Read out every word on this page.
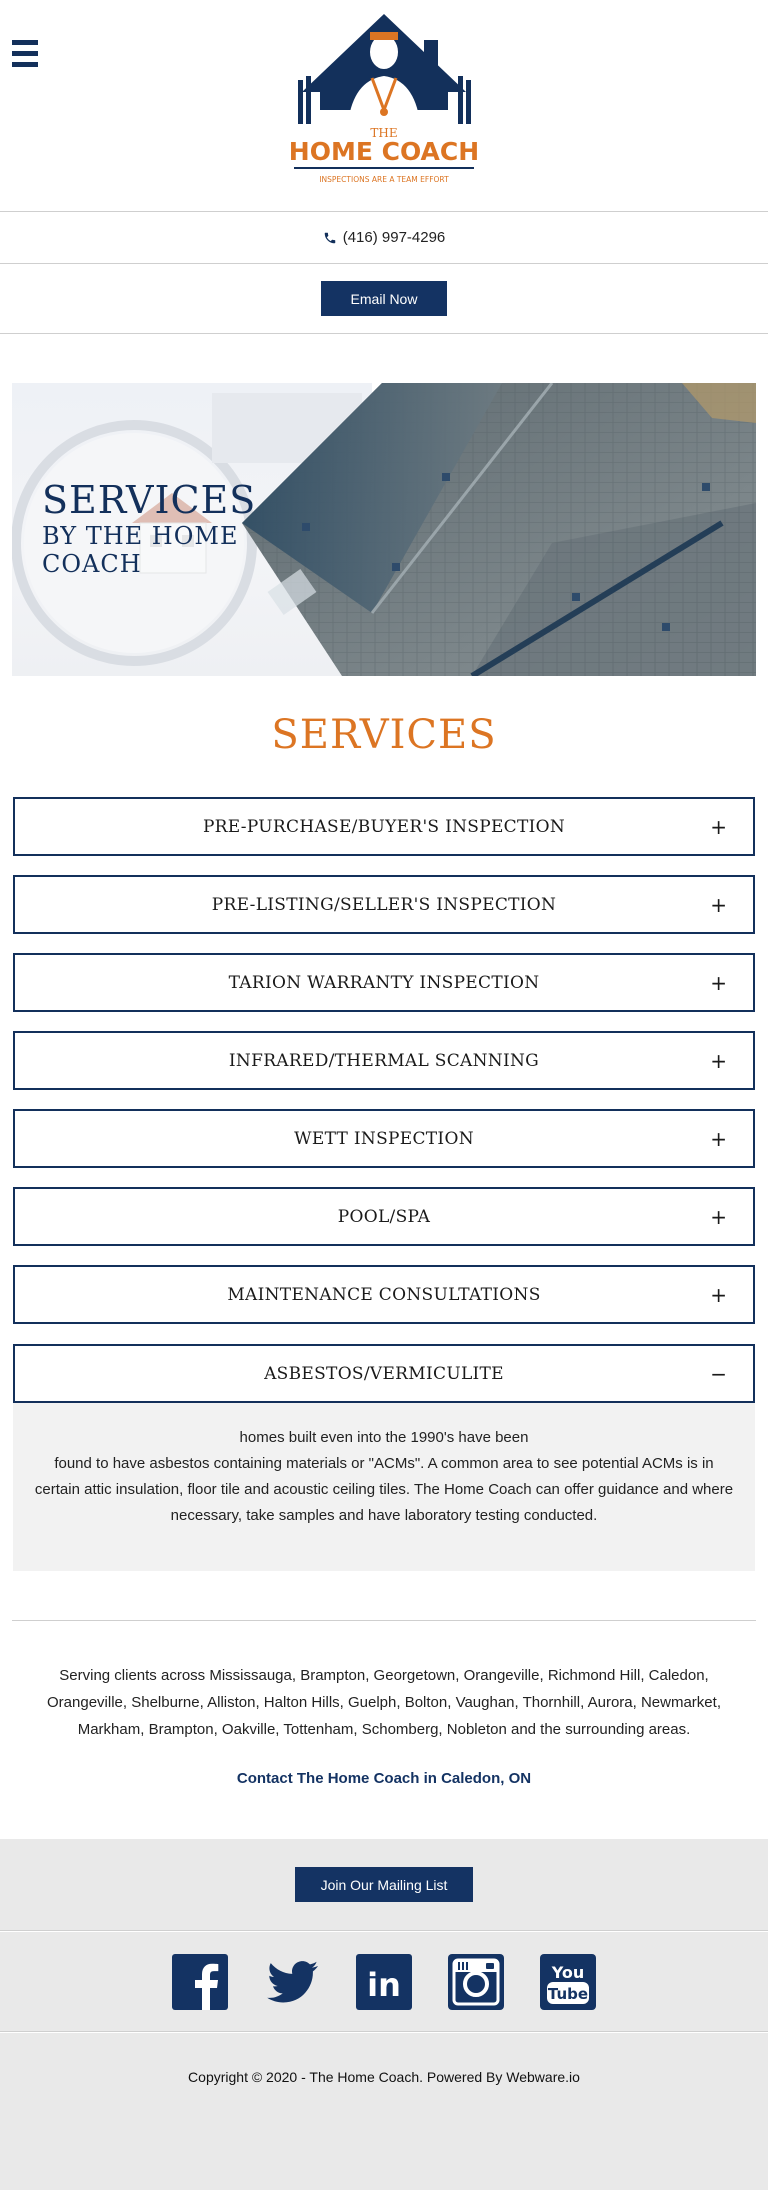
THE
HOME COACH
INSPECTIONS ARE A TEAM EFFORT
(416) 997-4296
Email Now
SERVICES
BY THE HOME
COACH
SERVICES
PRE-PURCHASE/BUYER'S INSPECTION	+
PRE-LISTING/SELLER'S INSPECTION	+
TARION WARRANTY INSPECTION	+
INFRARED/THERMAL SCANNING	+
WETT INSPECTION	+
POOL/SPA	+
MAINTENANCE CONSULTATIONS	+
ASBESTOS/VERMICULITE	−
homes built even into the 1990's have been
found to have asbestos containing materials or "ACMs". A common area to see potential ACMs is in certain attic insulation, floor tile and acoustic ceiling tiles. The Home Coach can offer guidance and where necessary, take samples and have laboratory testing conducted.
Serving clients across Mississauga, Brampton, Georgetown, Orangeville, Richmond Hill, Caledon, Orangeville, Shelburne, Alliston, Halton Hills, Guelph, Bolton, Vaughan, Thornhill, Aurora, Newmarket, Markham, Brampton, Oakville, Tottenham, Schomberg, Nobleton and the surrounding areas.
Contact The Home Coach in Caledon, ON
Join Our Mailing List
in	You
Tube
Copyright © 2020 - The Home Coach. Powered By Webware.io
